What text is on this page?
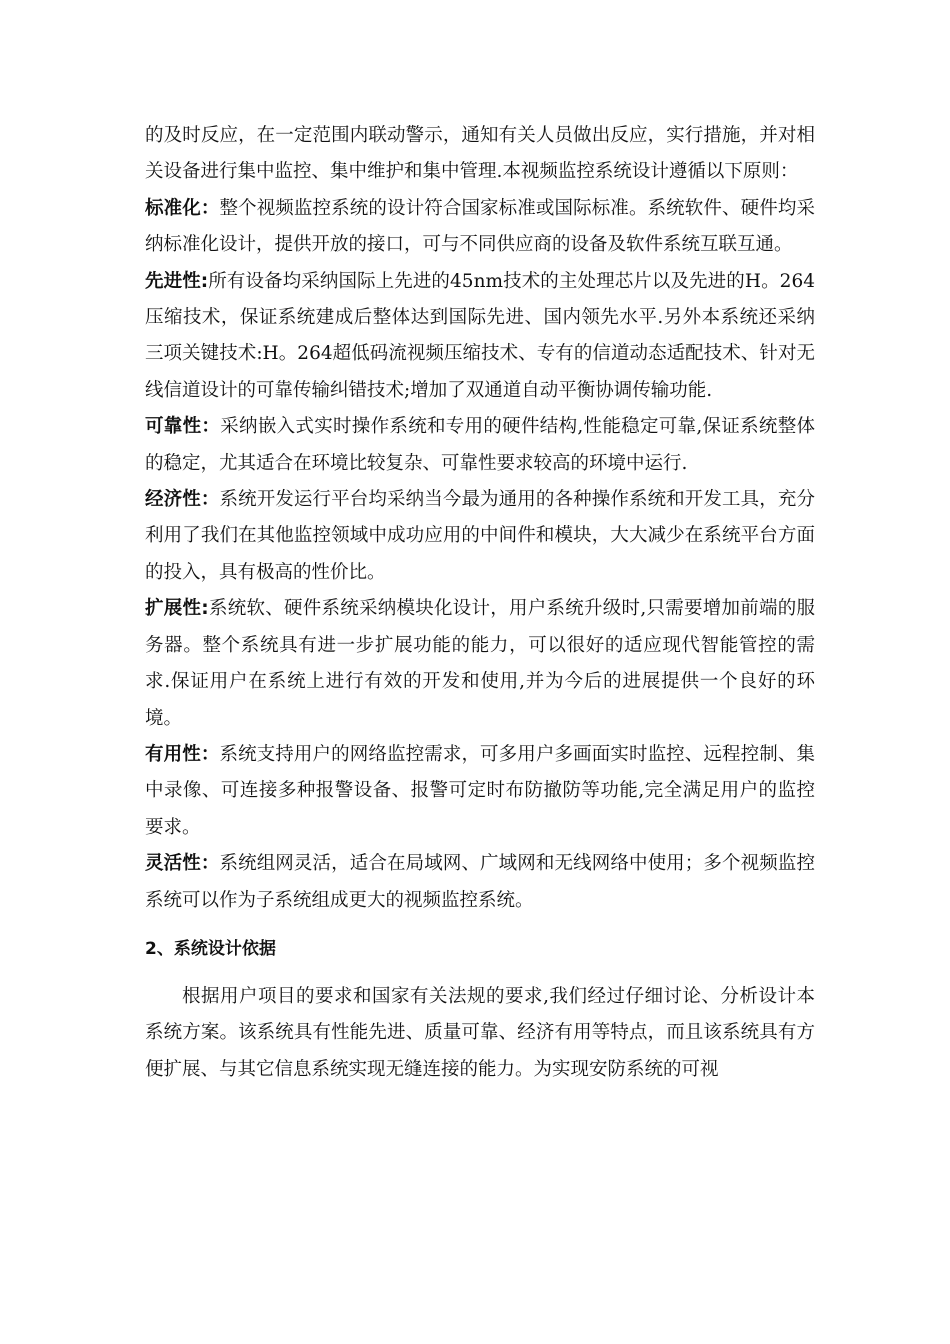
的及时反应，在一定范围内联动警示，通知有关人员做出反应，实行措施，并对相关设备进行集中监控、集中维护和集中管理.本视频监控系统设计遵循以下原则：

标准化：整个视频监控系统的设计符合国家标准或国际标准。系统软件、硬件均采纳标准化设计，提供开放的接口，可与不同供应商的设备及软件系统互联互通。

先进性:所有设备均采纳国际上先进的45nm技术的主处理芯片以及先进的H。264压缩技术，保证系统建成后整体达到国际先进、国内领先水平.另外本系统还采纳三项关键技术:H。264超低码流视频压缩技术、专有的信道动态适配技术、针对无线信道设计的可靠传输纠错技术;增加了双通道自动平衡协调传输功能.

可靠性：采纳嵌入式实时操作系统和专用的硬件结构,性能稳定可靠,保证系统整体的稳定，尤其适合在环境比较复杂、可靠性要求较高的环境中运行.

经济性：系统开发运行平台均采纳当今最为通用的各种操作系统和开发工具，充分利用了我们在其他监控领域中成功应用的中间件和模块，大大减少在系统平台方面的投入，具有极高的性价比。

扩展性:系统软、硬件系统采纳模块化设计，用户系统升级时,只需要增加前端的服务器。整个系统具有进一步扩展功能的能力，可以很好的适应现代智能管控的需求.保证用户在系统上进行有效的开发和使用,并为今后的进展提供一个良好的环境。

有用性：系统支持用户的网络监控需求，可多用户多画面实时监控、远程控制、集中录像、可连接多种报警设备、报警可定时布防撤防等功能,完全满足用户的监控要求。

灵活性：系统组网灵活，适合在局域网、广域网和无线网络中使用；多个视频监控系统可以作为子系统组成更大的视频监控系统。

2、系统设计依据

根据用户项目的要求和国家有关法规的要求,我们经过仔细讨论、分析设计本系统方案。该系统具有性能先进、质量可靠、经济有用等特点，而且该系统具有方便扩展、与其它信息系统实现无缝连接的能力。为实现安防系统的可视
